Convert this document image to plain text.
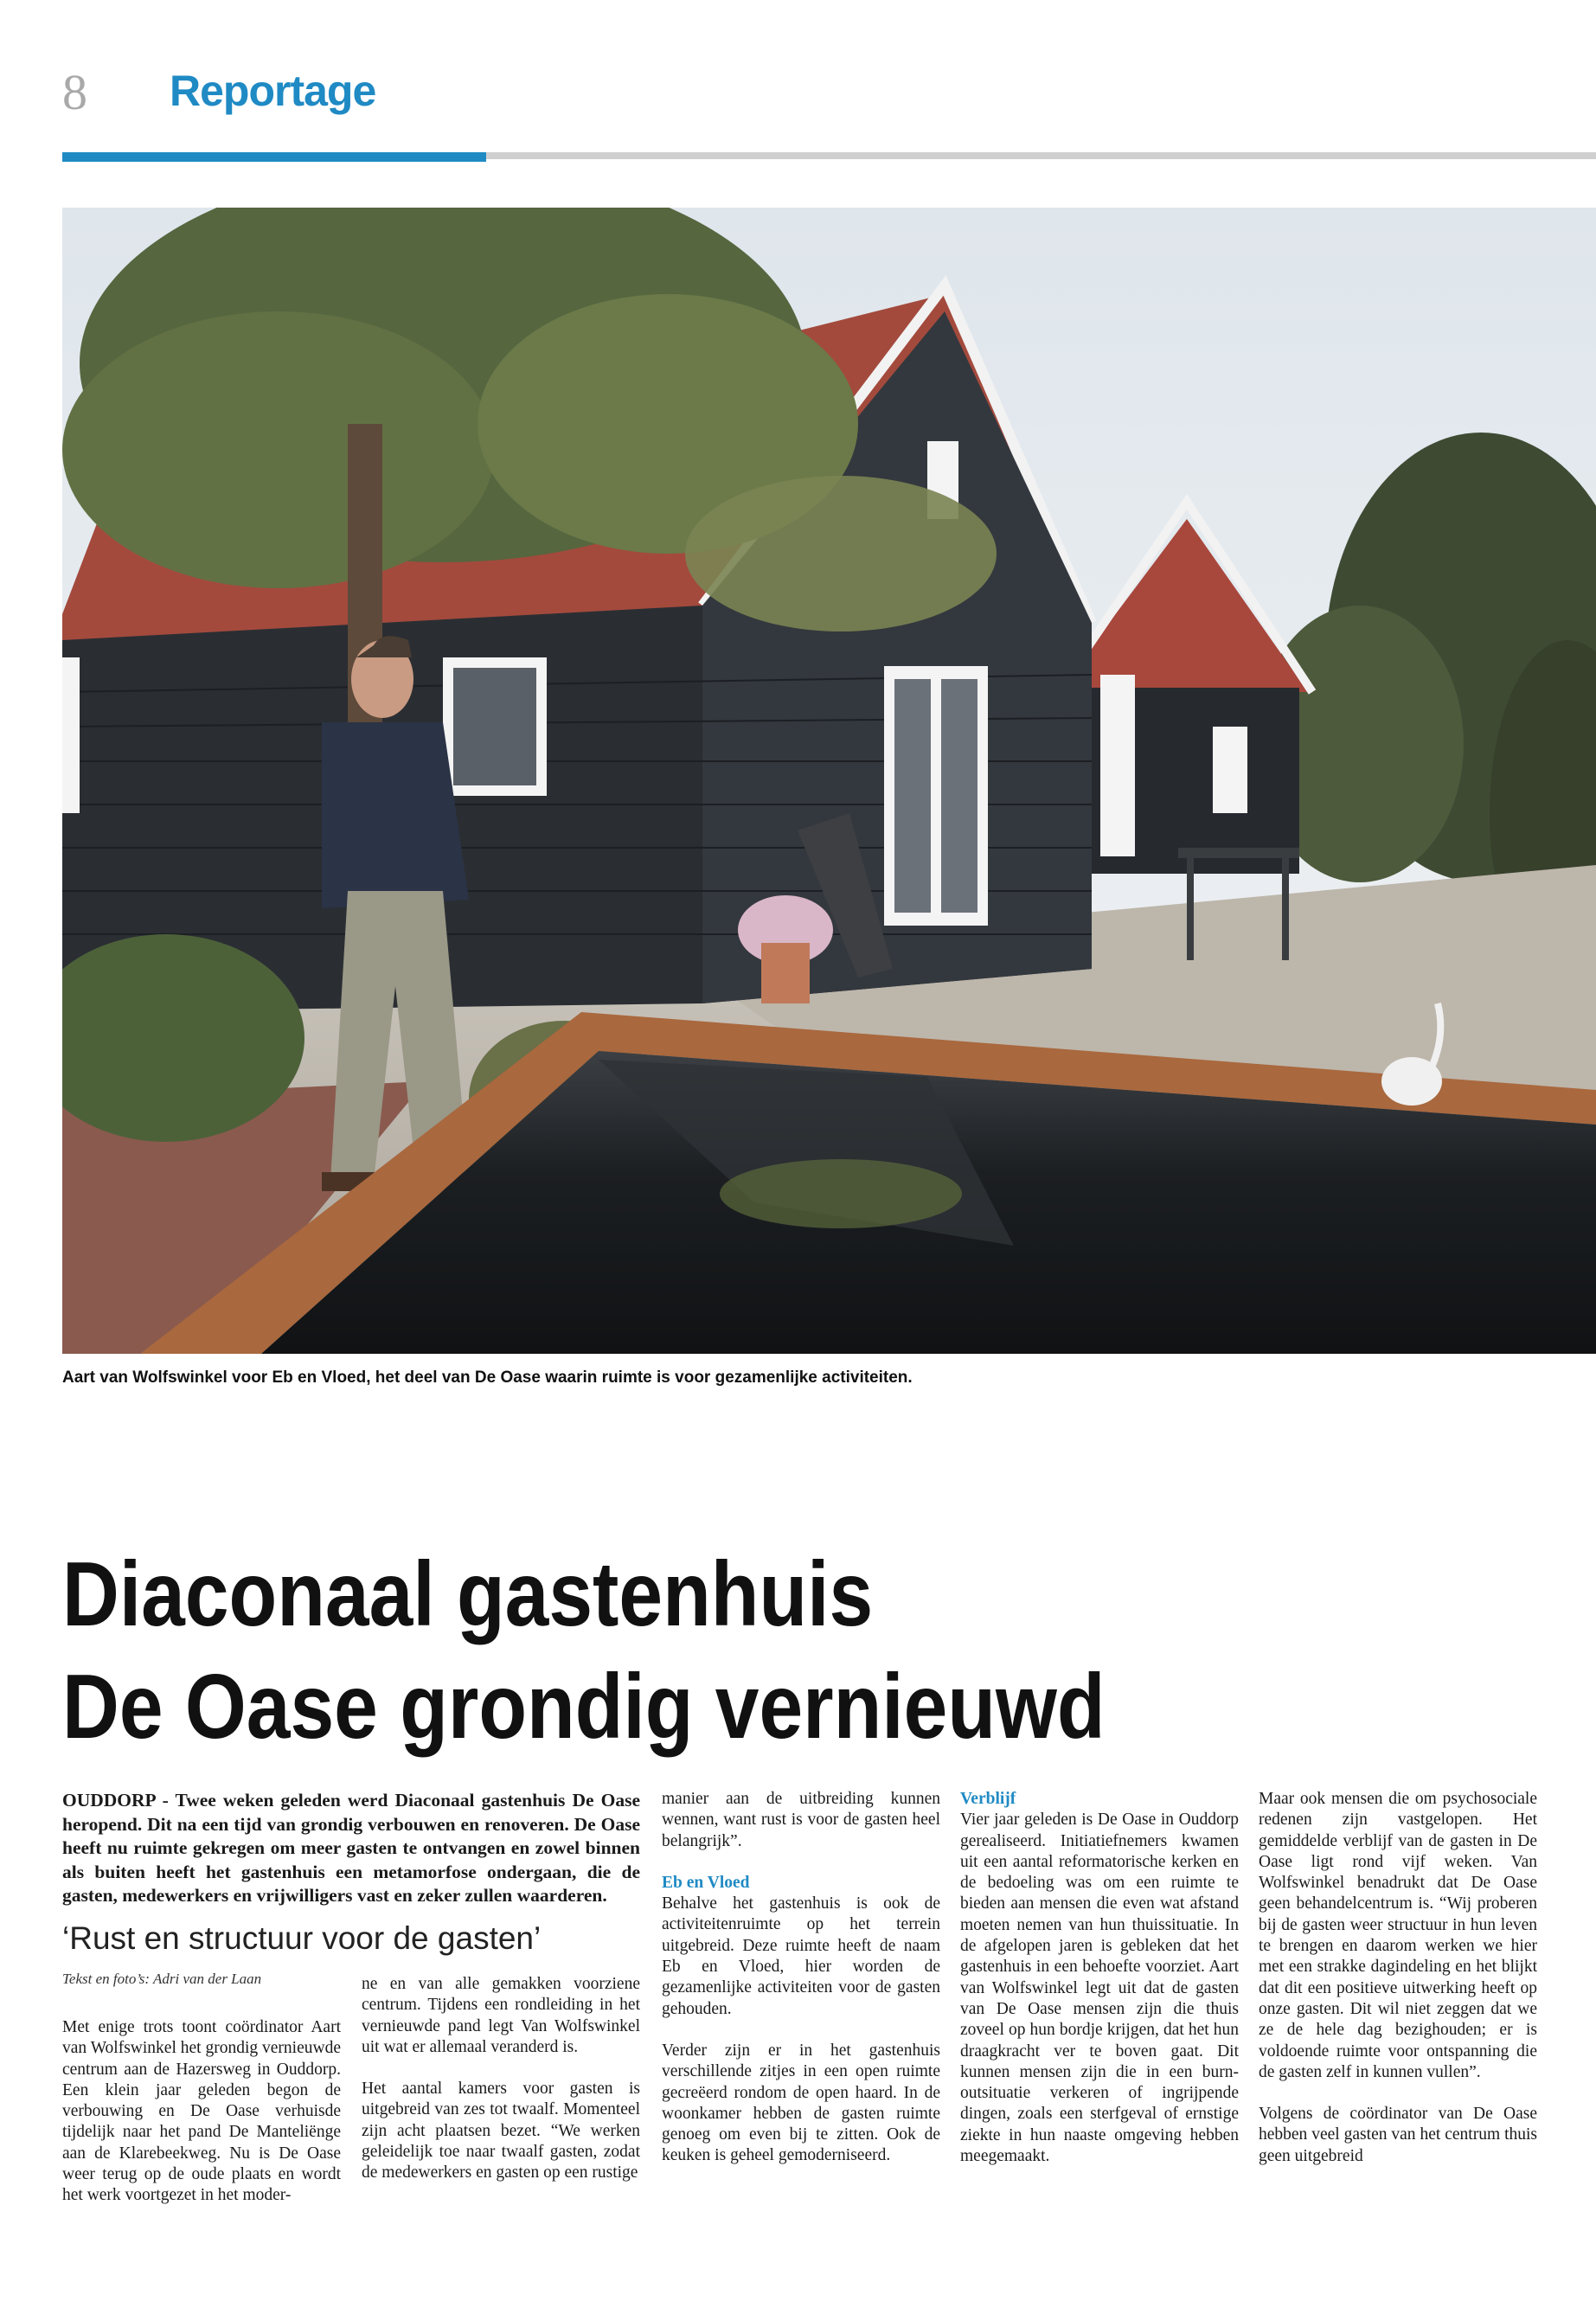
8 Reportage
Aart van Wolfswinkel voor Eb en Vloed, het deel van De Oase waarin ruimte is voor gezamenlijke activiteiten.
‘Rust en structuur voor de gasten’
Diaconaal gastenhuis
De Oase grondig vernieuwd
OUDDORP - Twee weken geleden werd Diaconaal gastenhuis De Oase heropend. Dit na een tijd van grondig verbouwen en renoveren. De Oase heeft nu ruimte gekregen om meer gasten te ontvangen en zowel binnen als buiten heeft het gastenhuis een metamorfose ondergaan, die de gasten, medewerkers en vrijwilligers vast en zeker zullen waarderen.
Tekst en foto’s: Adri van der Laan

Met enige trots toont coördinator Aart van Wolfswinkel het grondig vernieuwde centrum aan de Hazersweg in Ouddorp. Een klein jaar geleden begon de verbouwing en De Oase verhuisde tijdelijk naar het pand De Manteliënge aan de Klarebeekweg. Nu is De Oase weer terug op de oude plaats en wordt het werk voortgezet in het moder-

ne en van alle gemakken voorziene centrum. Tijdens een rondleiding in het vernieuwde pand legt Van Wolfswinkel uit wat er allemaal veranderd is.

Het aantal kamers voor gasten is uitgebreid van zes tot twaalf. Momenteel zijn acht plaatsen bezet. “We werken geleidelijk toe naar twaalf gasten, zodat de medewerkers en gasten op een rustige

manier aan de uitbreiding kunnen wennen, want rust is voor de gasten heel belangrijk”.

Eb en Vloed

Behalve het gastenhuis is ook de activiteitenruimte op het terrein uitgebreid. Deze ruimte heeft de naam Eb en Vloed, hier worden de gezamenlijke activiteiten voor de gasten gehouden.

Verder zijn er in het gastenhuis verschillende zitjes in een open ruimte gecreëerd rondom de open haard. In de woonkamer hebben de gasten ruimte genoeg om even bij te zitten. Ook de keuken is geheel gemoderniseerd.

Verblijf

Vier jaar geleden is De Oase in Ouddorp gerealiseerd. Initiatiefnemers kwamen uit een aantal reformatorische kerken en de bedoeling was om een ruimte te bieden aan mensen die even wat afstand moeten nemen van hun thuissituatie. In de afgelopen jaren is gebleken dat het gastenhuis in een behoefte voorziet. Aart van Wolfswinkel legt uit dat de gasten van De Oase mensen zijn die thuis zoveel op hun bordje krijgen, dat het hun draagkracht ver te boven gaat. Dit kunnen mensen zijn die in een burn-outsituatie verkeren of ingrijpende dingen, zoals een sterfgeval of ernstige ziekte in hun naaste omgeving hebben meegemaakt.

Maar ook mensen die om psychosociale redenen zijn vastgelopen. Het gemiddelde verblijf van de gasten in De Oase ligt rond vijf weken. Van Wolfswinkel benadrukt dat De Oase geen behandelcentrum is. “Wij proberen bij de gasten weer structuur in hun leven te brengen en daarom werken we hier met een strakke dagindeling en het blijkt dat dit een positieve uitwerking heeft op onze gasten. Dit wil niet zeggen dat we ze de hele dag bezighouden; er is voldoende ruimte voor ontspanning die de gasten zelf in kunnen vullen”.

Volgens de coördinator van De Oase hebben veel gasten van het centrum thuis geen uitgebreid
